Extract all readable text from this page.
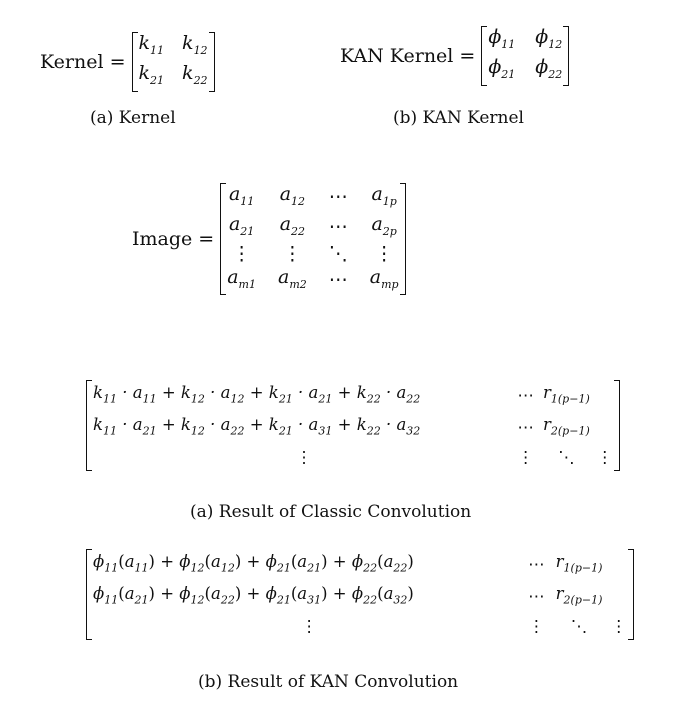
Kernel =
$k_{11}$	$k_{12}$
$k_{21}$	$k_{22}$
(a) Kernel
KAN Kernel =
$\phi_{11}$	$\phi_{12}$
$\phi_{21}$	$\phi_{22}$
(b) KAN Kernel
Image =
$a_{11}$	$a_{12}$	⋯	$a_{1p}$
$a_{21}$	$a_{22}$	⋯	$a_{2p}$
⋮	⋮	⋱	⋮
$a_{m1}$	$a_{m2}$	⋯	$a_{mp}$
$k_{11} \cdot a_{11} + k_{12} \cdot a_{12} + k_{21} \cdot a_{21} + k_{22} \cdot a_{22}$	⋯	$r_{1(p-1)}$	
$k_{11} \cdot a_{21} + k_{12} \cdot a_{22} + k_{21} \cdot a_{31} + k_{22} \cdot a_{32}$	⋯	$r_{2(p-1)}$	
⋮	⋮	⋱	⋮
(a) Result of Classic Convolution
$\phi_{11}(a_{11}) + \phi_{12}(a_{12}) + \phi_{21}(a_{21}) + \phi_{22}(a_{22})$	⋯	$r_{1(p-1)}$	
$\phi_{11}(a_{21}) + \phi_{12}(a_{22}) + \phi_{21}(a_{31}) + \phi_{22}(a_{32})$	⋯	$r_{2(p-1)}$	
⋮	⋮	⋱	⋮
(b) Result of KAN Convolution
